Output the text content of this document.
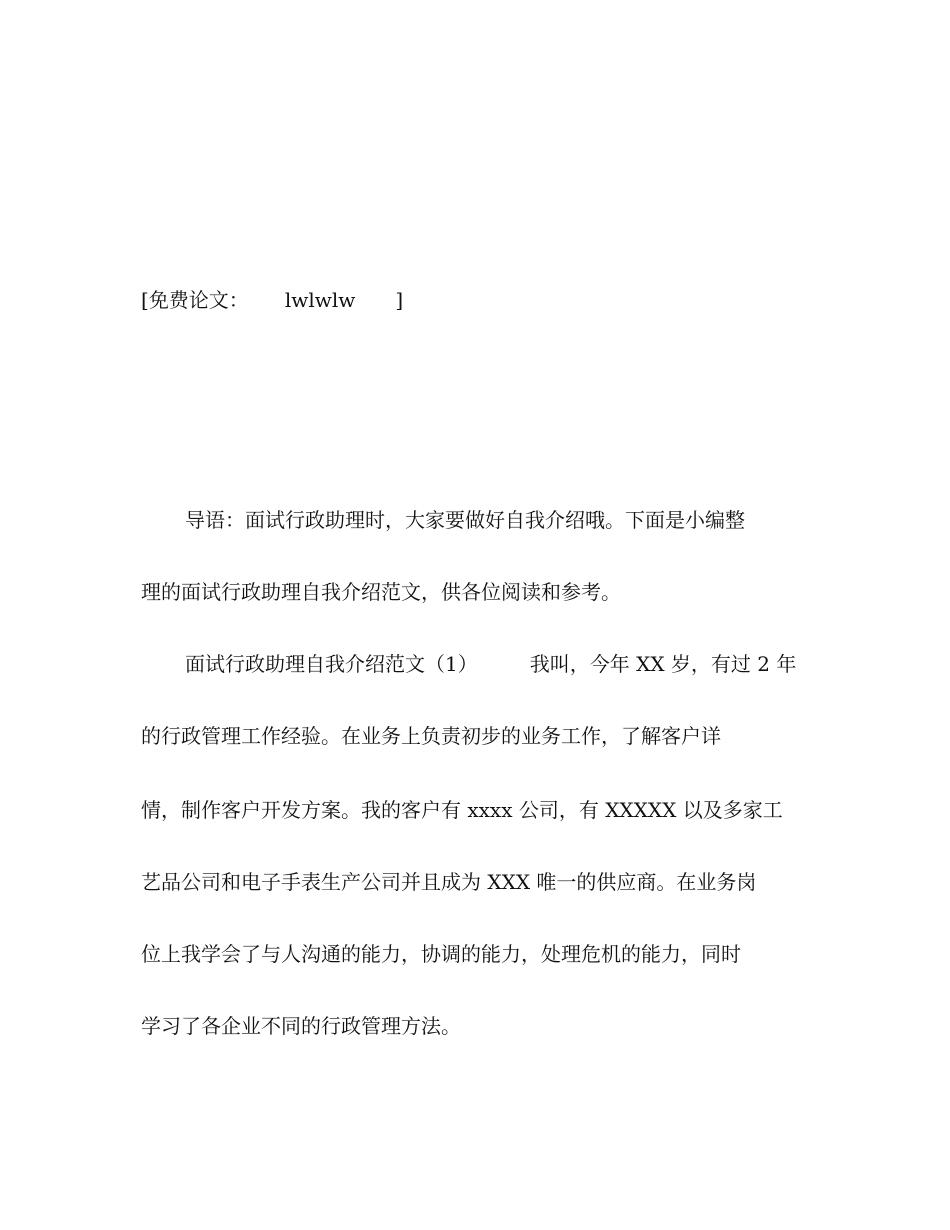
[免费论文： lwlwlw ]
导语：面试行政助理时，大家要做好自我介绍哦。下面是小编整
理的面试行政助理自我介绍范文，供各位阅读和参考。
面试行政助理自我介绍范文（1）	我叫，今年 XX 岁，有过 2 年
的行政管理工作经验。在业务上负责初步的业务工作，了解客户详
情，制作客户开发方案。我的客户有 xxxx 公司，有 XXXXX 以及多家工
艺品公司和电子手表生产公司并且成为 XXX 唯一的供应商。在业务岗
位上我学会了与人沟通的能力，协调的能力，处理危机的能力，同时
学习了各企业不同的行政管理方法。
